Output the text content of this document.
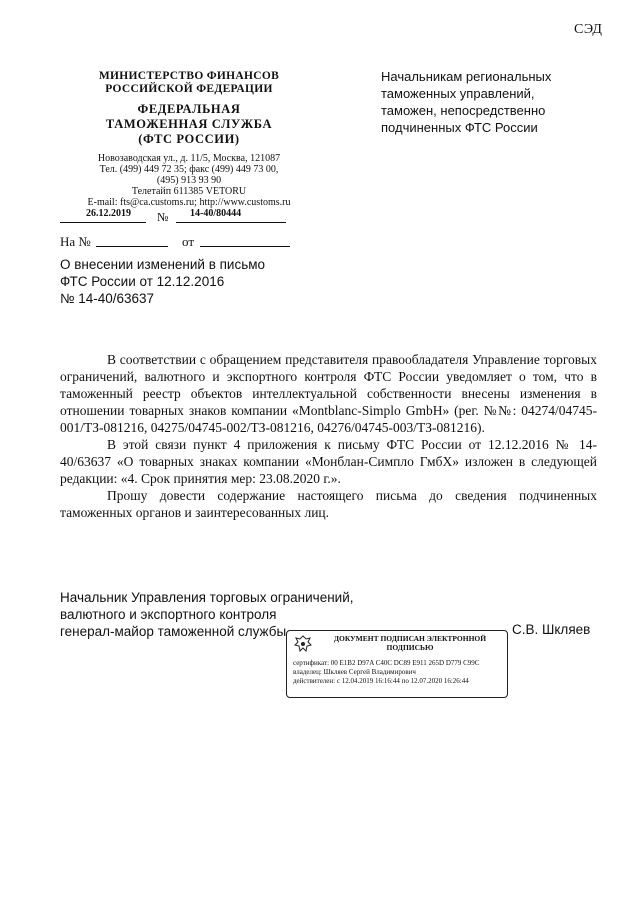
СЭД
МИНИСТЕРСТВО ФИНАНСОВ
РОССИЙСКОЙ ФЕДЕРАЦИИ
ФЕДЕРАЛЬНАЯ
ТАМОЖЕННАЯ СЛУЖБА
(ФТС РОССИИ)
Новозаводская ул., д. 11/5, Москва, 121087
Тел. (499) 449 72 35; факс (499) 449 73 00,
(495) 913 93 90
Телетайп 611385 VETORU
E-mail: fts@ca.customs.ru; http://www.customs.ru
26.12.2019 № 14-40/80444
На №	от
Начальникам региональных таможенных управлений, таможен, непосредственно подчиненных ФТС России
О внесении изменений в письмо
ФТС России от 12.12.2016
№ 14-40/63637

В соответствии с обращением представителя правообладателя Управление торговых ограничений, валютного и экспортного контроля ФТС России уведомляет о том, что в таможенный реестр объектов интеллектуальной собственности внесены изменения в отношении товарных знаков компании «Montblanc-Simplo GmbH» (рег. №№: 04274/04745-001/ТЗ-081216, 04275/04745-002/ТЗ-081216, 04276/04745-003/ТЗ-081216).

В этой связи пункт 4 приложения к письму ФТС России от 12.12.2016 № 14-40/63637 «О товарных знаках компании «Монблан-Симпло ГмбХ» изложен в следующей редакции: «4. Срок принятия мер: 23.08.2020 г.».

Прошу довести содержание настоящего письма до сведения подчиненных таможенных органов и заинтересованных лиц.

Начальник Управления торговых ограничений,
валютного и экспортного контроля
генерал-майор таможенной службы	С.В. Шкляев
ДОКУМЕНТ ПОДПИСАН ЭЛЕКТРОННОЙ
ПОДПИСЬЮ
сертификат: 00 E1B2 D97A C40C DC89 E911 265D D779 C99C
владелец: Шкляев Сергей Владимирович
действителен: с 12.04.2019 16:16:44 по 12.07.2020 16:26:44
